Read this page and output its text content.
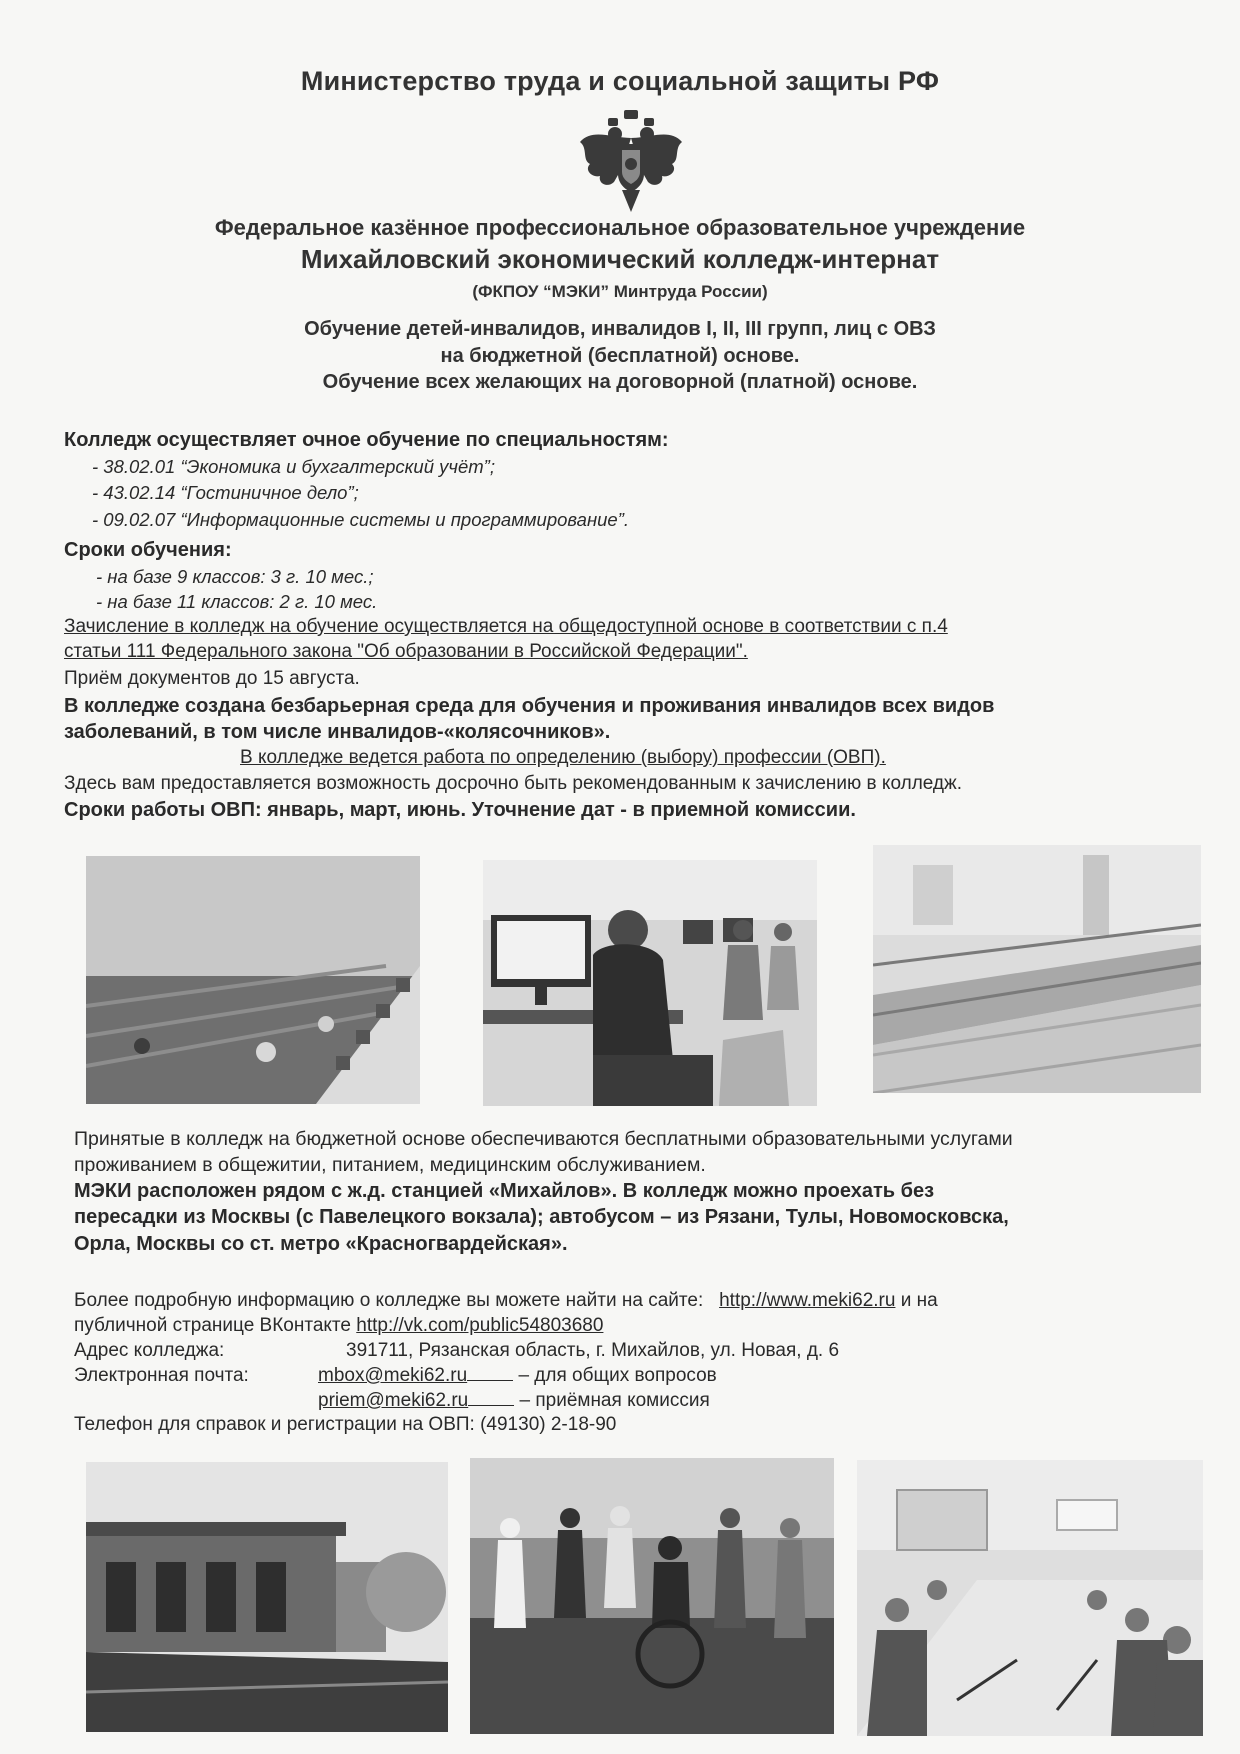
Министерство труда и социальной защиты РФ
Федеральное казённое профессиональное образовательное учреждение
Михайловский экономический колледж-интернат
(ФКПОУ “МЭКИ” Минтруда России)
Обучение детей-инвалидов, инвалидов I, II, III групп, лиц с ОВЗ
на бюджетной (бесплатной) основе.
Обучение всех желающих на договорной (платной) основе.
Колледж осуществляет очное обучение по специальностям:
- 38.02.01 “Экономика и бухгалтерский учёт”;
- 43.02.14 “Гостиничное дело”;
- 09.02.07 “Информационные системы и программирование”.
Сроки обучения:
- на базе 9 классов: 3 г. 10 мес.;
- на базе 11 классов: 2 г. 10 мес.
Зачисление в колледж на обучение осуществляется на общедоступной основе в соответствии с п.4
статьи 111 Федерального закона "Об образовании в Российской Федерации".
Приём документов до 15 августа.
В колледже создана безбарьерная среда для обучения и проживания инвалидов всех видов
заболеваний, в том числе инвалидов-«колясочников».
В колледже ведется работа по определению (выбору) профессии (ОВП).
Здесь вам предоставляется возможность досрочно быть рекомендованным к зачислению в колледж.
Сроки работы ОВП: январь, март, июнь. Уточнение дат - в приемной комиссии.
Принятые в колледж на бюджетной основе обеспечиваются бесплатными образовательными услугами
проживанием в общежитии, питанием, медицинским обслуживанием.
МЭКИ расположен рядом с ж.д. станцией «Михайлов». В колледж можно проехать без
пересадки из Москвы (с Павелецкого вокзала); автобусом – из Рязани, Тулы, Новомосковска,
Орла, Москвы со ст. метро «Красногвардейская».
Более подробную информацию о колледже вы можете найти на сайте: http://www.meki62.ru и на
публичной странице ВКонтакте http://vk.com/public54803680
Адрес колледжа:	391711, Рязанская область, г. Михайлов, ул. Новая, д. 6
Электронная почта:	mbox@meki62.ru	– для общих вопросов
priem@meki62.ru	– приёмная комиссия
Телефон для справок и регистрации на ОВП: (49130) 2-18-90
